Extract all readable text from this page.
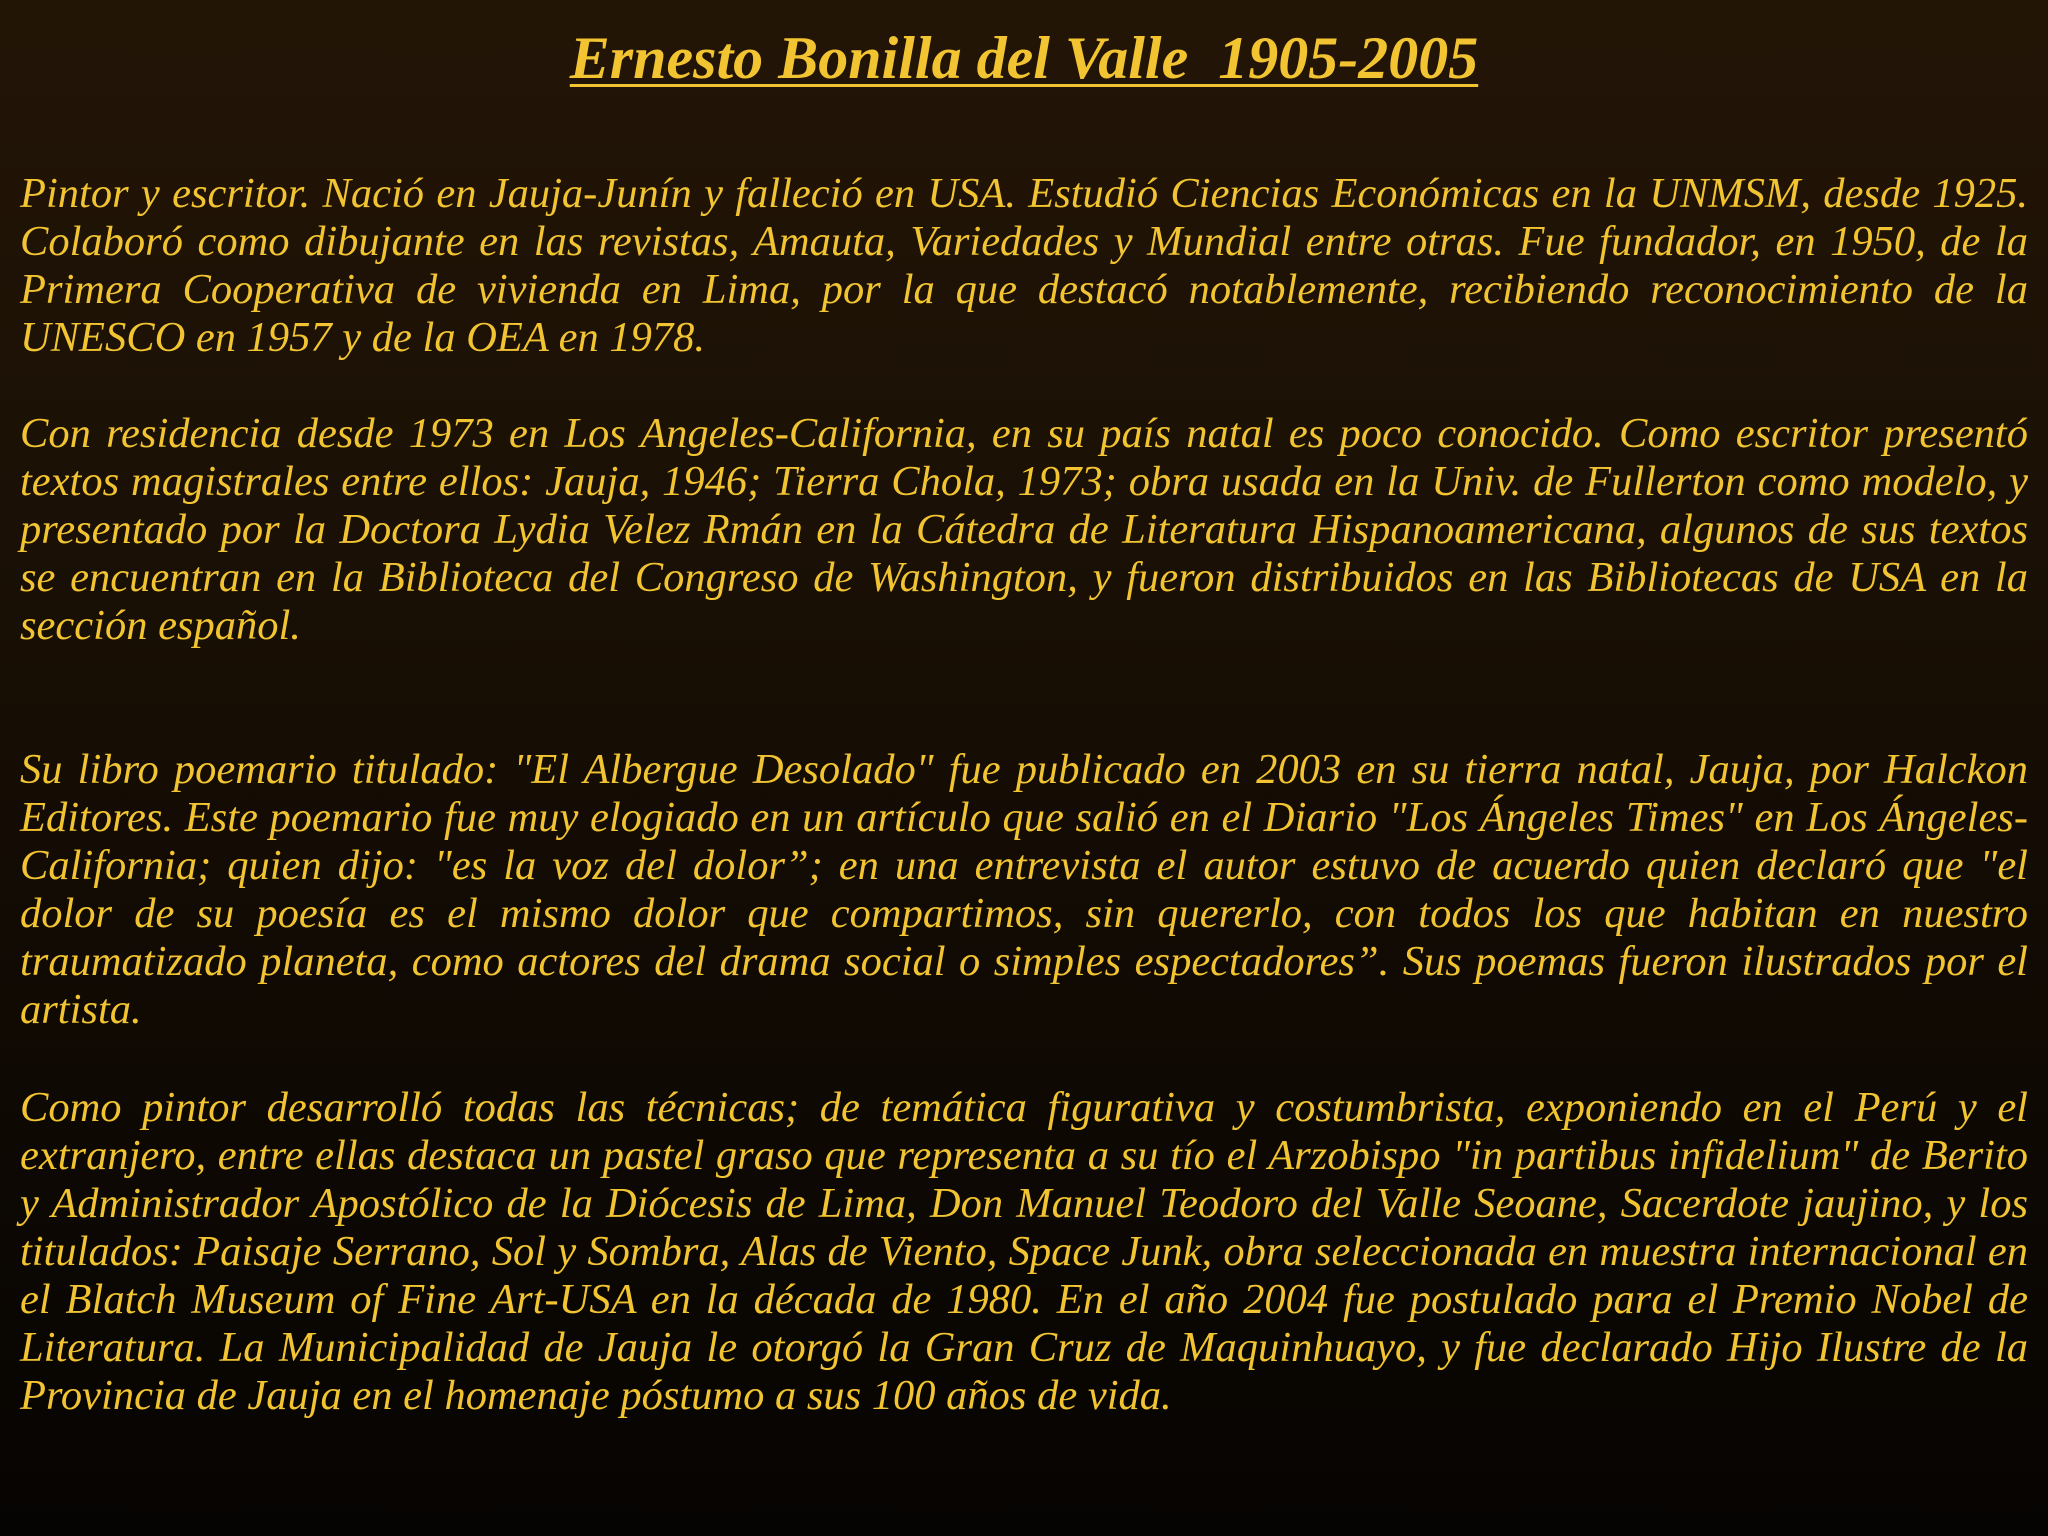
Ernesto Bonilla del Valle  1905-2005

Pintor y escritor. Nació en Jauja-Junín y falleció en USA. Estudió Ciencias Económicas en la UNMSM, desde 1925. Colaboró como dibujante en las revistas, Amauta, Variedades y Mundial entre otras. Fue fundador, en 1950, de la Primera Cooperativa de vivienda en Lima, por la que destacó notablemente, recibiendo reconocimiento de la UNESCO en 1957 y de la OEA en 1978.

Con residencia desde 1973 en Los Angeles-California, en su país natal es poco conocido. Como escritor presentó textos magistrales entre ellos: Jauja, 1946; Tierra Chola, 1973; obra usada en la Univ. de Fullerton como modelo, y presentado por la Doctora Lydia Velez Rmán en la Cátedra de Literatura Hispanoamericana, algunos de sus textos se encuentran en la Biblioteca del Congreso de Washington, y fueron distribuidos en las Bibliotecas de USA en la sección español.

Su libro poemario titulado: "El Albergue Desolado" fue publicado en 2003 en su tierra natal, Jauja, por Halckon Editores. Este poemario fue muy elogiado en un artículo que salió en el Diario "Los Ángeles Times" en Los Ángeles-California; quien dijo: "es la voz del dolor”; en una entrevista el autor estuvo de acuerdo quien declaró que "el dolor de su poesía es el mismo dolor que compartimos, sin quererlo, con todos los que habitan en nuestro traumatizado planeta, como actores del drama social o simples espectadores”. Sus poemas fueron ilustrados por el artista.

Como pintor desarrolló todas las técnicas; de temática figurativa y costumbrista, exponiendo en el Perú y el extranjero, entre ellas destaca un pastel graso que representa a su tío el Arzobispo "in partibus infidelium" de Berito y Administrador Apostólico de la Diócesis de Lima, Don Manuel Teodoro del Valle Seoane, Sacerdote jaujino, y los titulados: Paisaje Serrano, Sol y Sombra, Alas de Viento, Space Junk, obra seleccionada en muestra internacional en el Blatch Museum of Fine Art-USA en la década de 1980. En el año 2004 fue postulado para el Premio Nobel de Literatura. La Municipalidad de Jauja le otorgó la Gran Cruz de Maquinhuayo, y fue declarado Hijo Ilustre de la Provincia de Jauja en el homenaje póstumo a sus 100 años de vida.
